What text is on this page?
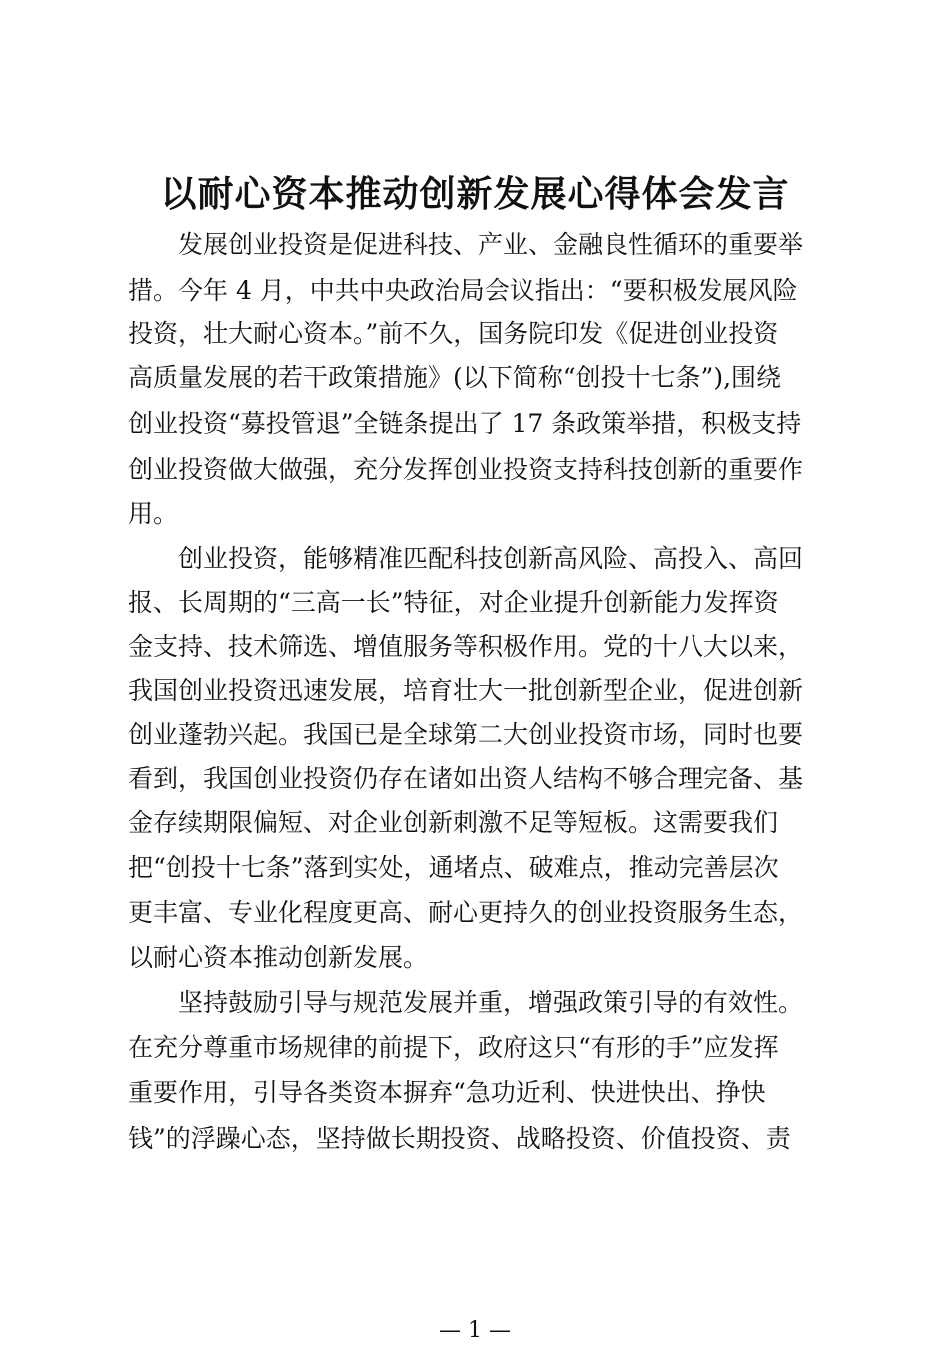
以耐心资本推动创新发展心得体会发言

　　发展创业投资是促进科技、产业、金融良性循环的重要举

措。今年 4 月，中共中央政治局会议指出：“要积极发展风险

投资，壮大耐心资本。”前不久，国务院印发《促进创业投资

高质量发展的若干政策措施》(以下简称“创投十七条”),围绕

创业投资“募投管退”全链条提出了 17 条政策举措，积极支持

创业投资做大做强，充分发挥创业投资支持科技创新的重要作

用。

　　创业投资，能够精准匹配科技创新高风险、高投入、高回

报、长周期的“三高一长”特征，对企业提升创新能力发挥资

金支持、技术筛选、增值服务等积极作用。党的十八大以来，

我国创业投资迅速发展，培育壮大一批创新型企业，促进创新

创业蓬勃兴起。我国已是全球第二大创业投资市场，同时也要

看到，我国创业投资仍存在诸如出资人结构不够合理完备、基

金存续期限偏短、对企业创新刺激不足等短板。这需要我们

把“创投十七条”落到实处，通堵点、破难点，推动完善层次

更丰富、专业化程度更高、耐心更持久的创业投资服务生态，

以耐心资本推动创新发展。

　　坚持鼓励引导与规范发展并重，增强政策引导的有效性。

在充分尊重市场规律的前提下，政府这只“有形的手”应发挥

重要作用，引导各类资本摒弃“急功近利、快进快出、挣快

钱”的浮躁心态，坚持做长期投资、战略投资、价值投资、责

— 1 —
